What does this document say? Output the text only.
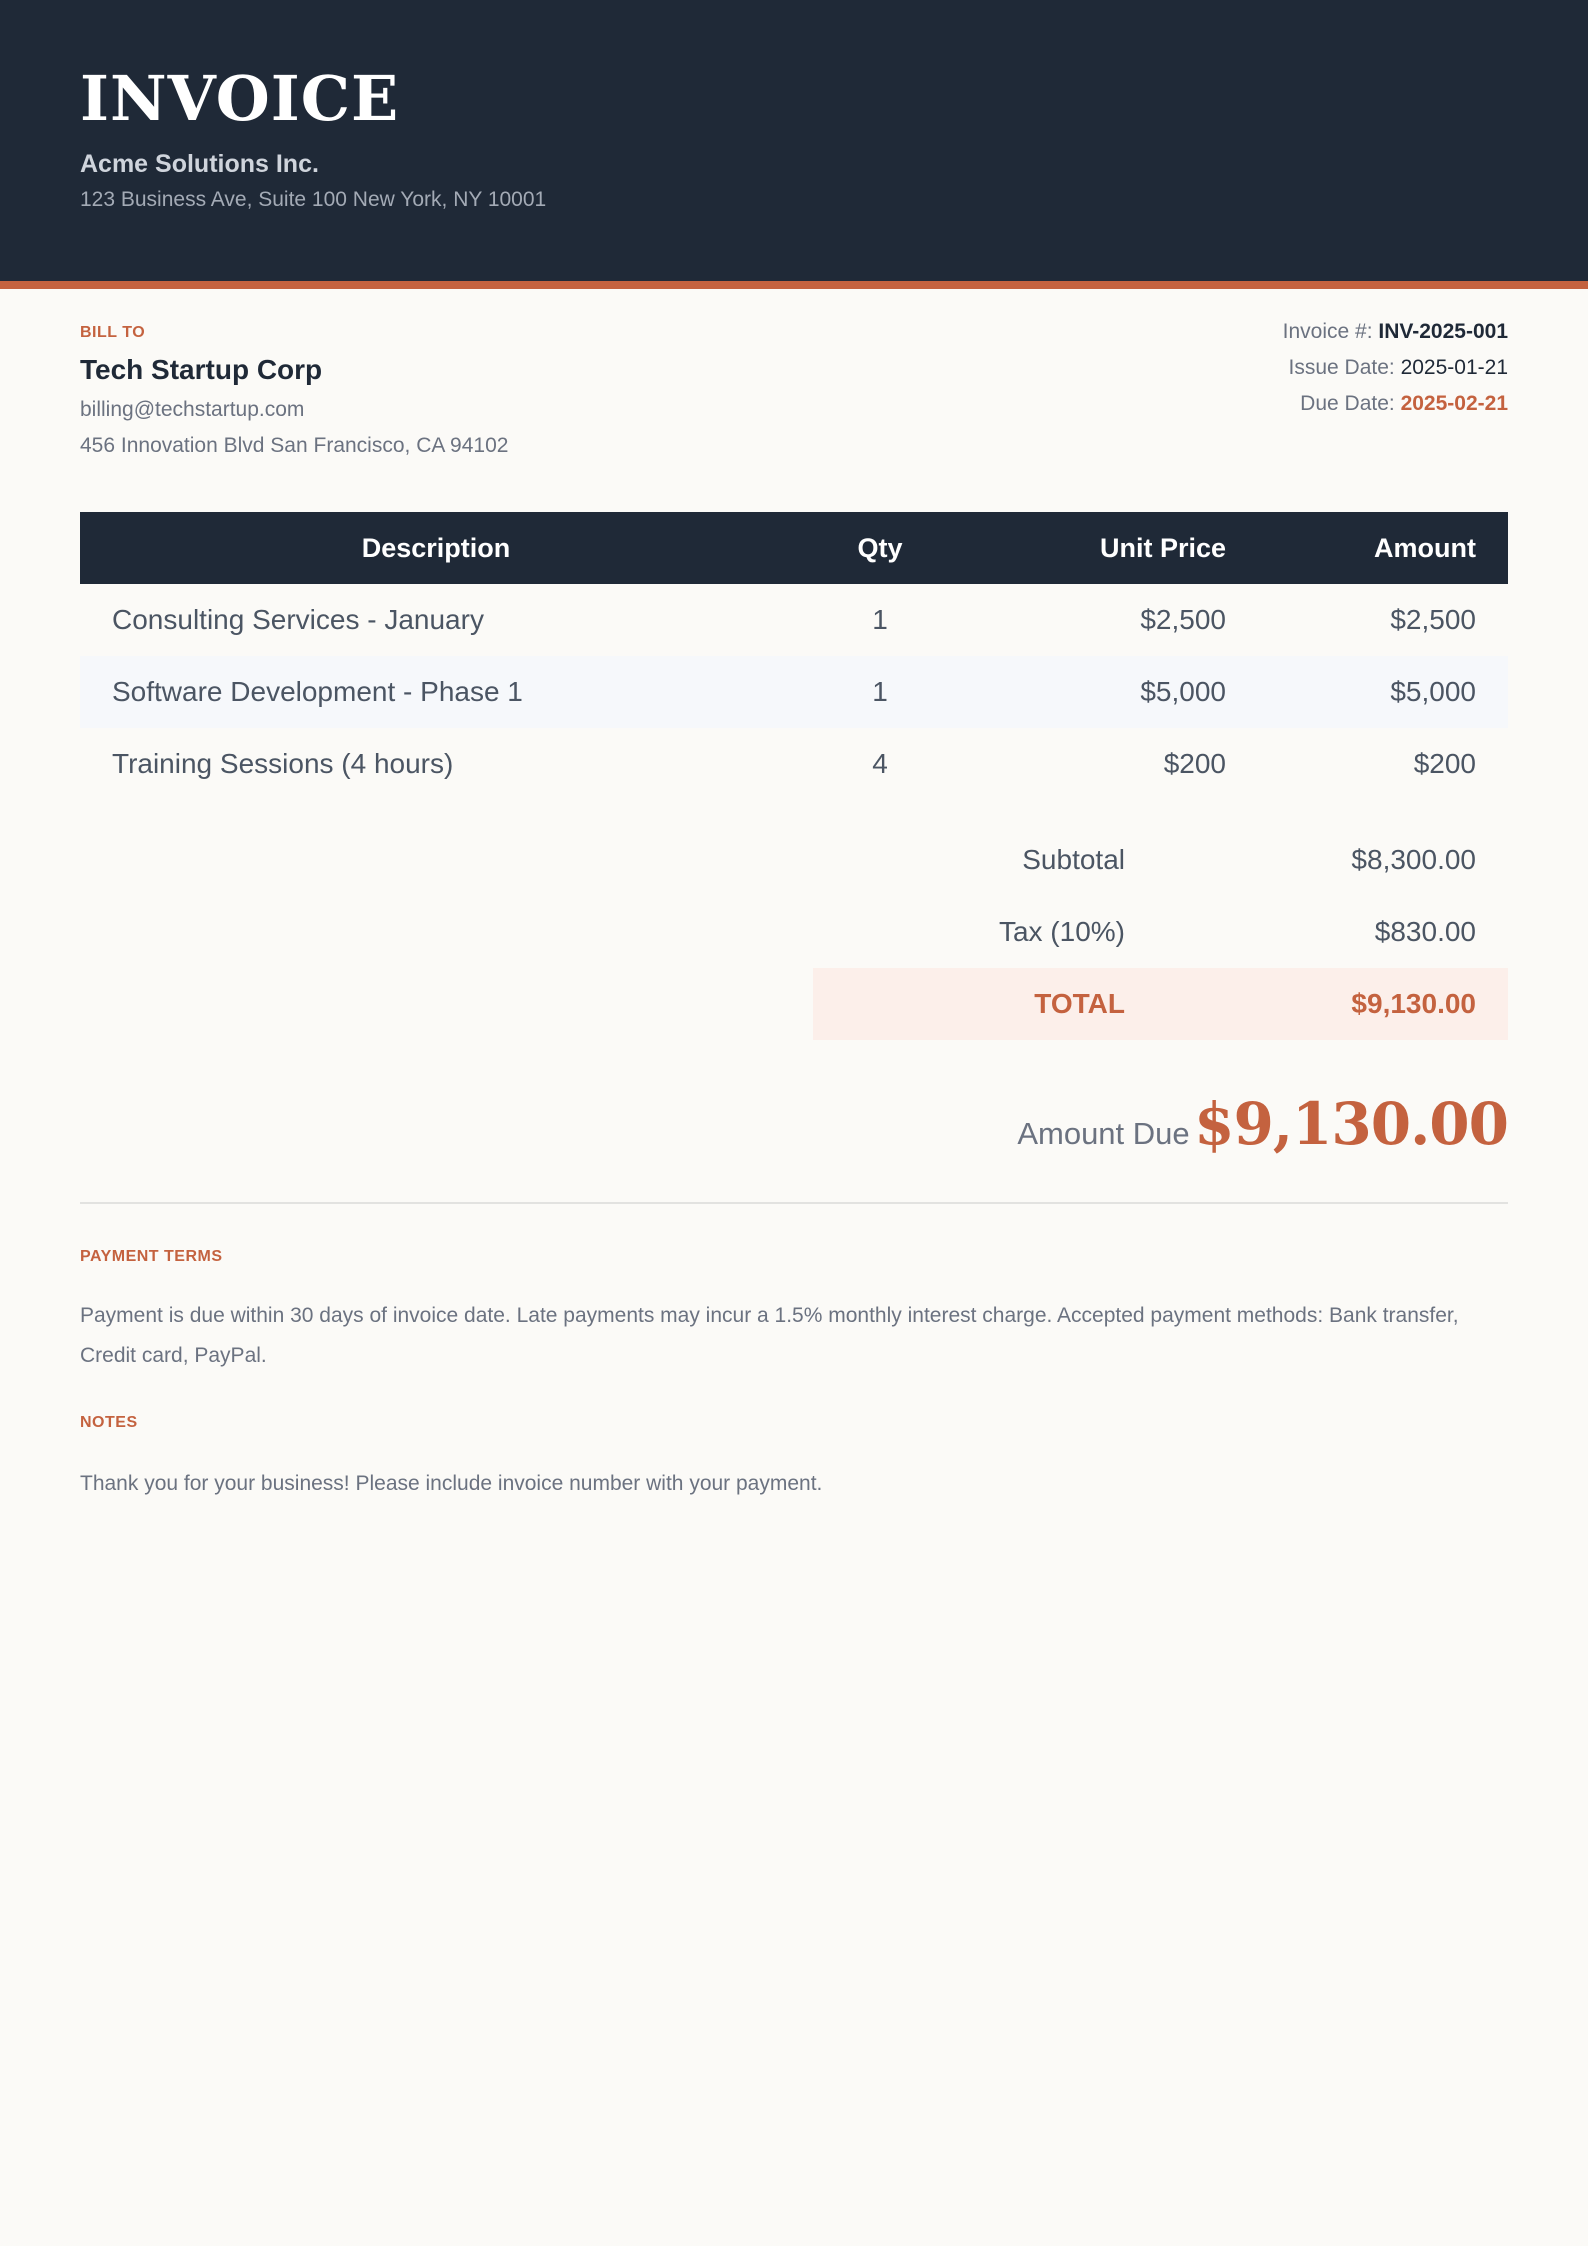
INVOICE
Acme Solutions Inc.
123 Business Ave, Suite 100 New York, NY 10001
BILL TO
Tech Startup Corp
billing@techstartup.com
456 Innovation Blvd San Francisco, CA 94102
Invoice #: INV-2025-001
Issue Date: 2025-01-21
Due Date: 2025-02-21
Description	Qty	Unit Price	Amount
Consulting Services - January	1	$2,500	$2,500
Software Development - Phase 1	1	$5,000	$5,000
Training Sessions (4 hours)	4	$200	$200
Subtotal	$8,300.00
Tax (10%)	$830.00
TOTAL	$9,130.00
Amount Due $9,130.00
PAYMENT TERMS
Payment is due within 30 days of invoice date. Late payments may incur a 1.5% monthly interest charge. Accepted payment methods: Bank transfer, Credit card, PayPal.
NOTES
Thank you for your business! Please include invoice number with your payment.
